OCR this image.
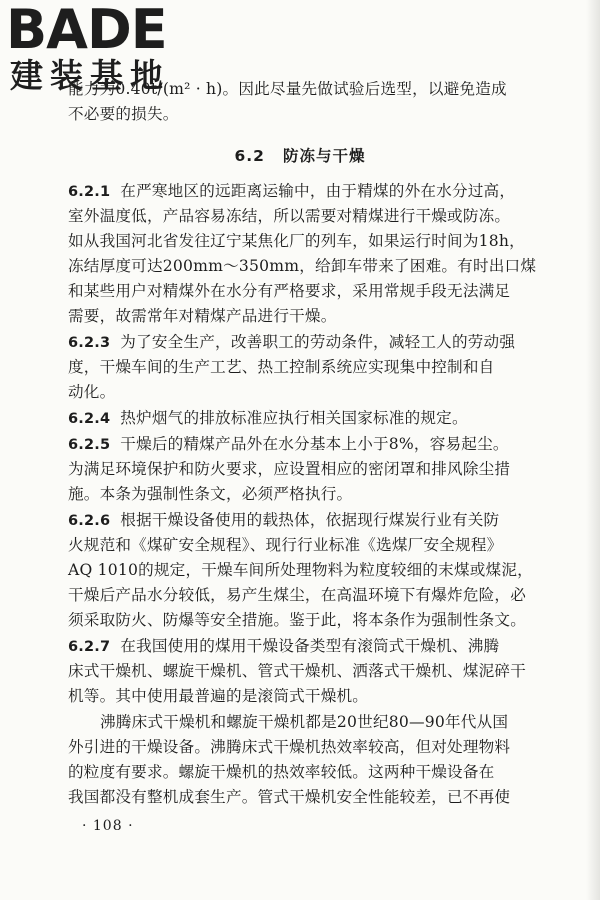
BADE
建装基地
能力为0.40t/(m² · h)。因此尽量先做试验后选型，以避免造成
不必要的损失。
6.2 防冻与干燥
6.2.1 在严寒地区的远距离运输中，由于精煤的外在水分过高，
室外温度低，产品容易冻结，所以需要对精煤进行干燥或防冻。
如从我国河北省发往辽宁某焦化厂的列车，如果运行时间为18h，
冻结厚度可达200mm～350mm，给卸车带来了困难。有时出口煤
和某些用户对精煤外在水分有严格要求，采用常规手段无法满足
需要，故需常年对精煤产品进行干燥。
6.2.3 为了安全生产，改善职工的劳动条件，减轻工人的劳动强
度，干燥车间的生产工艺、热工控制系统应实现集中控制和自
动化。
6.2.4 热炉烟气的排放标准应执行相关国家标准的规定。
6.2.5 干燥后的精煤产品外在水分基本上小于8%，容易起尘。
为满足环境保护和防火要求，应设置相应的密闭罩和排风除尘措
施。本条为强制性条文，必须严格执行。
6.2.6 根据干燥设备使用的载热体，依据现行煤炭行业有关防
火规范和《煤矿安全规程》、现行行业标准《选煤厂安全规程》
AQ 1010的规定，干燥车间所处理物料为粒度较细的末煤或煤泥，
干燥后产品水分较低，易产生煤尘，在高温环境下有爆炸危险，必
须采取防火、防爆等安全措施。鉴于此，将本条作为强制性条文。
6.2.7 在我国使用的煤用干燥设备类型有滚筒式干燥机、沸腾
床式干燥机、螺旋干燥机、管式干燥机、洒落式干燥机、煤泥碎干
机等。其中使用最普遍的是滚筒式干燥机。
沸腾床式干燥机和螺旋干燥机都是20世纪80—90年代从国
外引进的干燥设备。沸腾床式干燥机热效率较高，但对处理物料
的粒度有要求。螺旋干燥机的热效率较低。这两种干燥设备在
我国都没有整机成套生产。管式干燥机安全性能较差，已不再使
· 108 ·
